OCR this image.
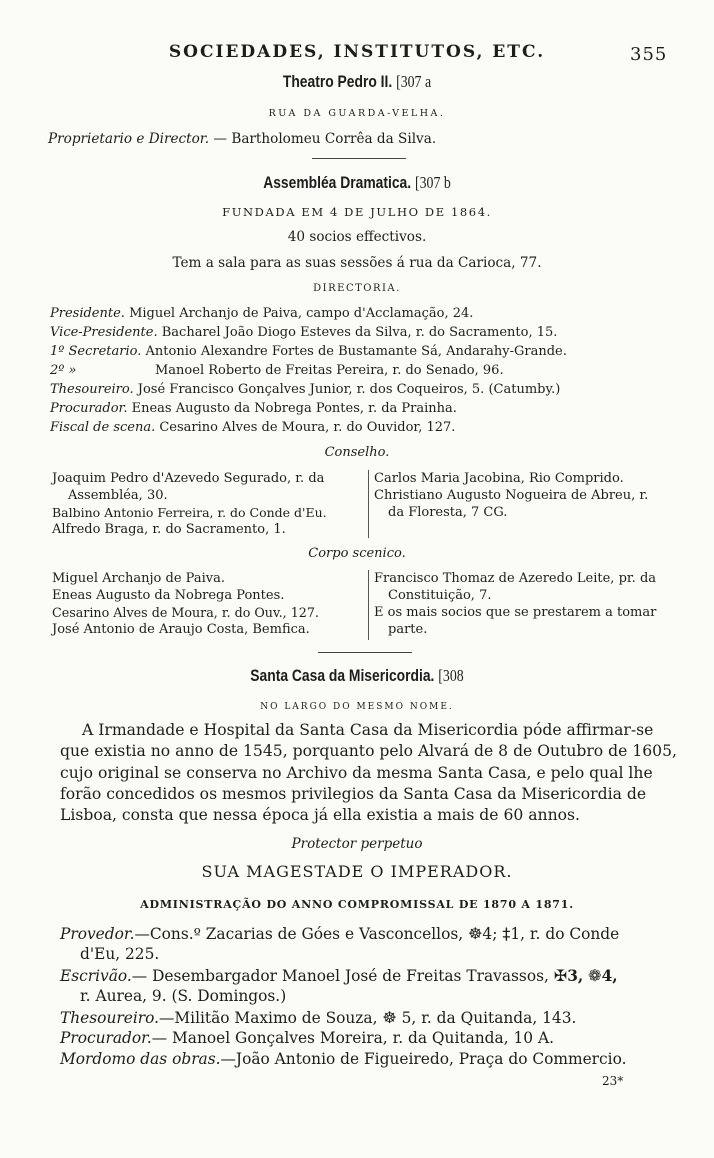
SOCIEDADES, INSTITUTOS, ETC.	355
Theatro Pedro II. [307 a
RUA DA GUARDA-VELHA.
Proprietario e Director. — Bartholomeu Corrêa da Silva.
Assembléa Dramatica. [307 b
FUNDADA EM 4 DE JULHO DE 1864.
40 socios effectivos.
Tem a sala para as suas sessões á rua da Carioca, 77.
DIRECTORIA.
Presidente. Miguel Archanjo de Paiva, campo d'Acclamação, 24.
Vice-Presidente. Bacharel João Diogo Esteves da Silva, r. do Sacramento, 15.
1º Secretario. Antonio Alexandre Fortes de Bustamante Sá, Andarahy-Grande.
2º »	Manoel Roberto de Freitas Pereira, r. do Senado, 96.
Thesoureiro. José Francisco Gonçalves Junior, r. dos Coqueiros, 5. (Catumby.)
Procurador. Eneas Augusto da Nobrega Pontes, r. da Prainha.
Fiscal de scena. Cesarino Alves de Moura, r. do Ouvidor, 127.
Conselho.
Joaquim Pedro d'Azevedo Segurado, r. da
Assembléa, 30.
Balbino Antonio Ferreira, r. do Conde d'Eu.
Alfredo Braga, r. do Sacramento, 1.
Carlos Maria Jacobina, Rio Comprido.
Christiano Augusto Nogueira de Abreu, r.
da Floresta, 7 CG.
Corpo scenico.
Miguel Archanjo de Paiva.
Eneas Augusto da Nobrega Pontes.
Cesarino Alves de Moura, r. do Ouv., 127.
José Antonio de Araujo Costa, Bemfica.
Francisco Thomaz de Azeredo Leite, pr. da
Constituição, 7.
E os mais socios que se prestarem a tomar
parte.
Santa Casa da Misericordia. [308
NO LARGO DO MESMO NOME.
A Irmandade e Hospital da Santa Casa da Misericordia póde affirmar-se
que existia no anno de 1545, porquanto pelo Alvará de 8 de Outubro de 1605,
cujo original se conserva no Archivo da mesma Santa Casa, e pelo qual lhe
forão concedidos os mesmos privilegios da Santa Casa da Misericordia de
Lisboa, consta que nessa época já ella existia a mais de 60 annos.
Protector perpetuo
SUA MAGESTADE O IMPERADOR.
ADMINISTRAÇÃO DO ANNO COMPROMISSAL DE 1870 A 1871.
Provedor.—Cons.º Zacarias de Góes e Vasconcellos, ☸4; ‡1, r. do Conde
d'Eu, 225.
Escrivão.— Desembargador Manoel José de Freitas Travassos, ✠3, ❁4,
r. Aurea, 9. (S. Domingos.)
Thesoureiro.—Militão Maximo de Souza, ☸ 5, r. da Quitanda, 143.
Procurador.— Manoel Gonçalves Moreira, r. da Quitanda, 10 A.
Mordomo das obras.—João Antonio de Figueiredo, Praça do Commercio.
23*
